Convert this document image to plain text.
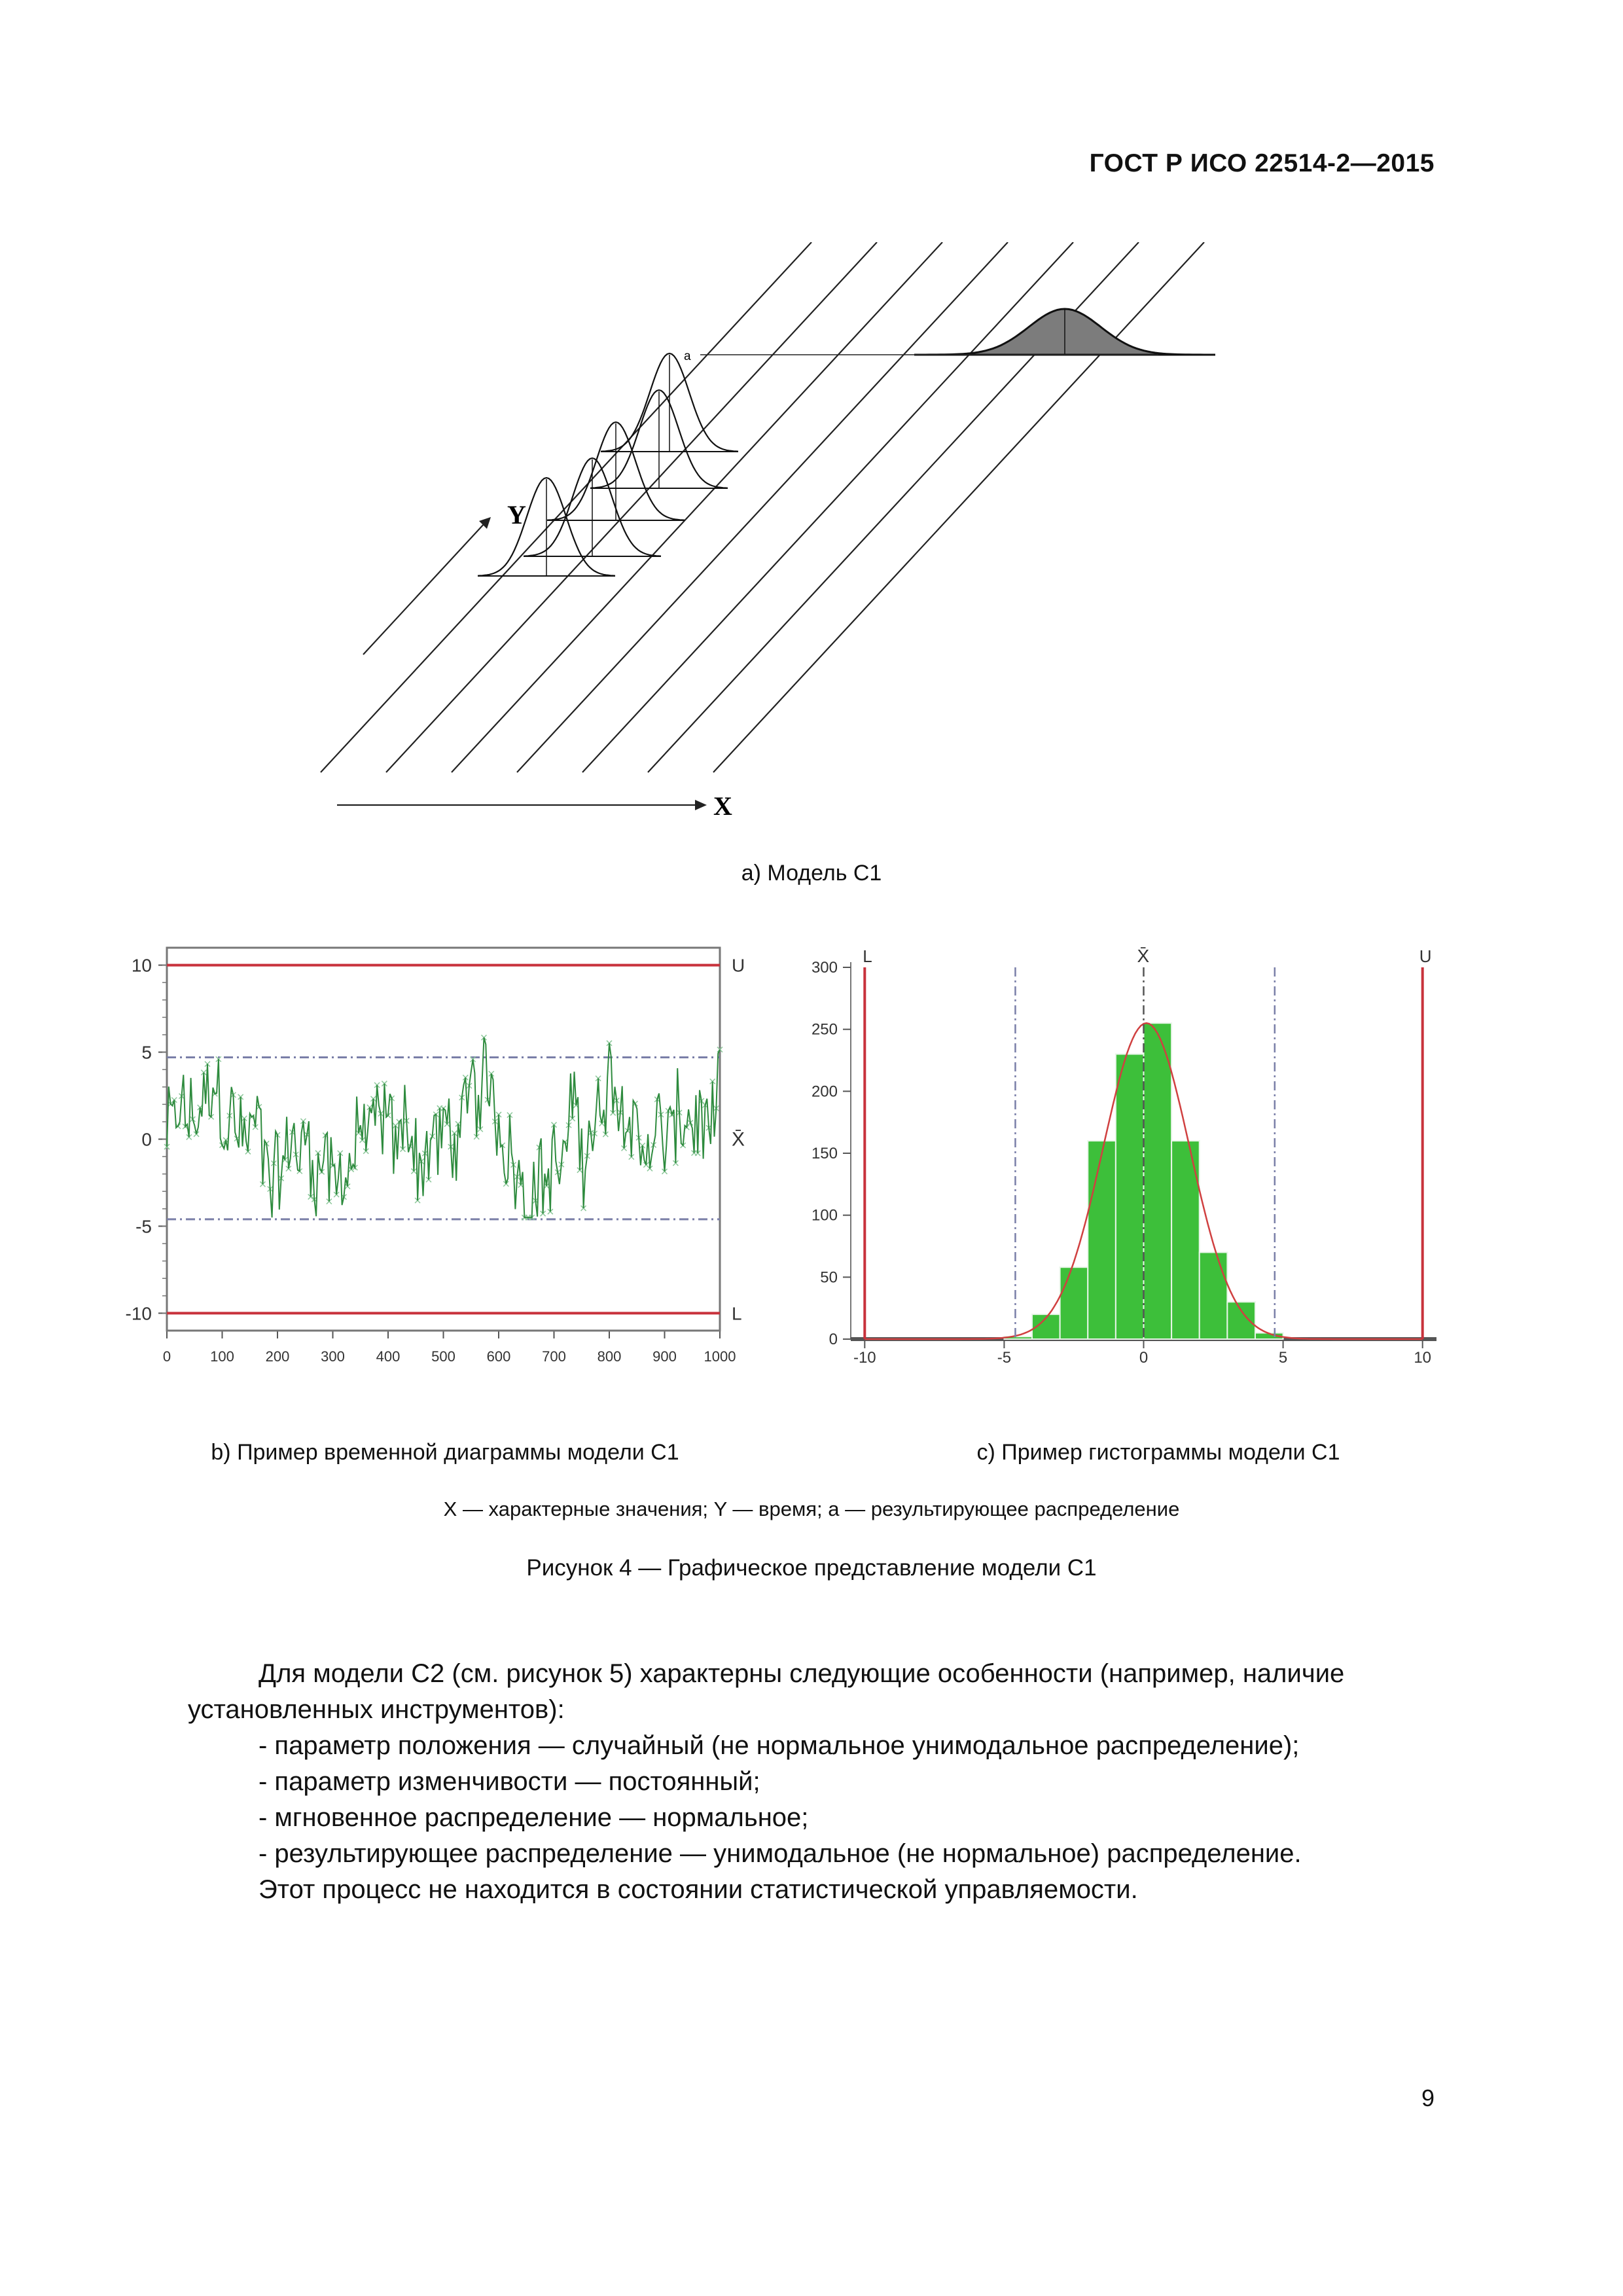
ГОСТ Р ИСО 22514-2—2015
a
Y
X
а) Модель С1
10
5
0
-5
-10
0	100 200 300 400 500 600 700 800 900 1000
U
L
X̄
300
250
200
150
100
50
0
-10	-5	0	5	10
L	U
X̄
b) Пример временной диаграммы модели С1	с) Пример гистограммы модели С1
X — характерные значения; Y — время; а — результирующее распределение
Рисунок 4 — Графическое представление модели С1

Для модели С2 (см. рисунок 5) характерны следующие особенности (например, наличие установленных инструментов):

- параметр положения — случайный (не нормальное унимодальное распределение);

- параметр изменчивости — постоянный;

- мгновенное распределение — нормальное;

- результирующее распределение — унимодальное (не нормальное) распределение.

Этот процесс не находится в состоянии статистической управляемости.

9
